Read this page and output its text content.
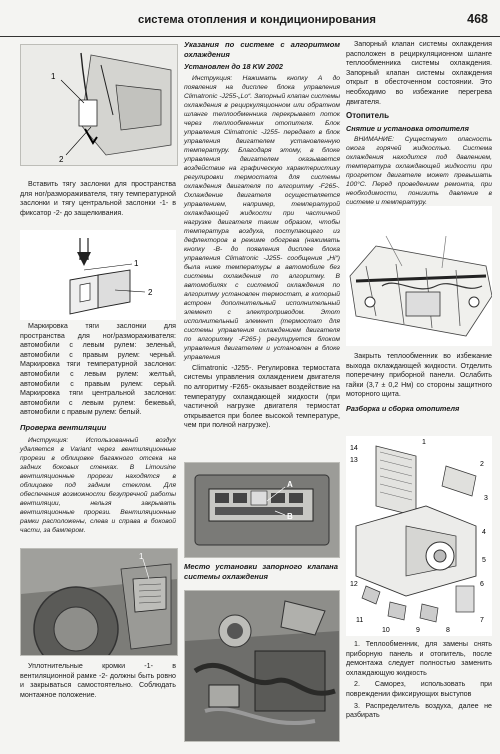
система отопления и кондиционирования	468
1
2

Вставить тягу заслонки для пространства для ног/размораживателя, тягу температурной заслонки и тягу центральной заслонки -1- в фиксатор -2- до защелкивания.

1
2

Маркировка тяги заслонки для пространства для ног/размораживателя: автомобили с левым рулем: зеленый, автомобили с правым рулем: черный. Маркировка тяги температурной заслонки: автомобили с левым рулем: желтый, автомобили с правым рулем: серый. Маркировка тяги центральной заслонки: автомобили с левым рулем: бежевый, автомобили с правым рулем: белый.

Проверка вентиляции

Инструкция: Использованный воздух удаляется в Variant через вентиляционные прорези в облицовке багажного отсека на задних боковых стенках. В Limousine вентиляционные прорези находятся в облицовке под задним стеклом. Для обеспечения возможности безупречной работы вентиляции, нельзя закрывать вентиляционные прорези. Вентиляционные рамки расположены, слева и справа в боковой части, за бампером.

1

Уплотнительные кромки -1- в вентиляционной рамке -2- должны быть ровно и закрываться самостоятельно. Соблюдать монтажное положение.

Указания по системе с алгоритмом охлаждения

Установлен до 18 KW 2002

Инструкция: Нажимать кнопку А до появления на дисплее блока управления Climatronic -J255-„Lo“. Запорный клапан системы охлаждения в рециркуляционном или обратном шланге теплообменника перекрывает поток через теплообменник отопителя. Блок управления Climatronic -J255- передает в блок управления двигателем установленную температуру. Благодаря этому, в блоке управления двигателем оказывается воздействие на графическую характеристику регулировки термостата для системы охлаждения двигателя по алгоритму -F265-. Охлаждение двигателя осуществляется управлением, например, температурой охлаждающей жидкости при частичной нагрузке двигателя таким образом, чтобы температура воздуха, поступающего из дефлекторов в режиме обогрева (нажимать кнопку -В- до появления дисплее блока управления Climatronic -J255- сообщения „Hi“) была ниже температуры в автомобиле без системы охлаждения по алгоритму. В автомобилях с системой охлаждения по алгоритму установлен термостат, в который встроен дополнительный исполнительный элемент с электроприводом. Этот исполнительный элемент (термостат для системы управления охлаждением двигателя по алгоритму -F265-) регулируется блоком управления двигателем и установлен в блоке управления

Climatronic -J255-. Регулировка термостата системы управления охлаждением двигателя по алгоритму -F265- оказывает воздействие на температуру охлаждающей жидкости (при частичной нагрузке двигателя термостат открывается при более высокой температуре, чем при полной нагрузке).

A
B

Место установки запорного клапана системы охлаждения

Запорный клапан системы охлаждения расположен в рециркуляционном шланге теплообменника системы охлаждения. Запорный клапан системы охлаждения открыт в обесточенном состоянии. Это необходимо во избежание перегрева двигателя.

Отопитель

Снятие и установка отопителя

ВНИМАНИЕ: Существует опасность ожога горячей жидкостью. Система охлаждения находится под давлением, температура охлаждающей жидкости при прогретом двигателе может превышать 100°C. Перед проведением ремонта, при необходимости, понизить давление в системе и температуру.

Закрыть теплообменник во избежание выхода охлаждающей жидкости. Отделить поперечину приборной панели. Ослабить гайки (3,7 ± 0,2 Нм) со стороны защитного моторного щита.

Разборка и сборка отопителя

14
13
1
2
3
4
5
6
7
8
9
10
11
12

1. Теплообменник, для замены снять приборную панель и отопитель, после демонтажа следует полностью заменить охлаждающую жидкость

2. Саморез, использовать при повреждении фиксирующих выступов

3. Распределитель воздуха, далее не разбирать
